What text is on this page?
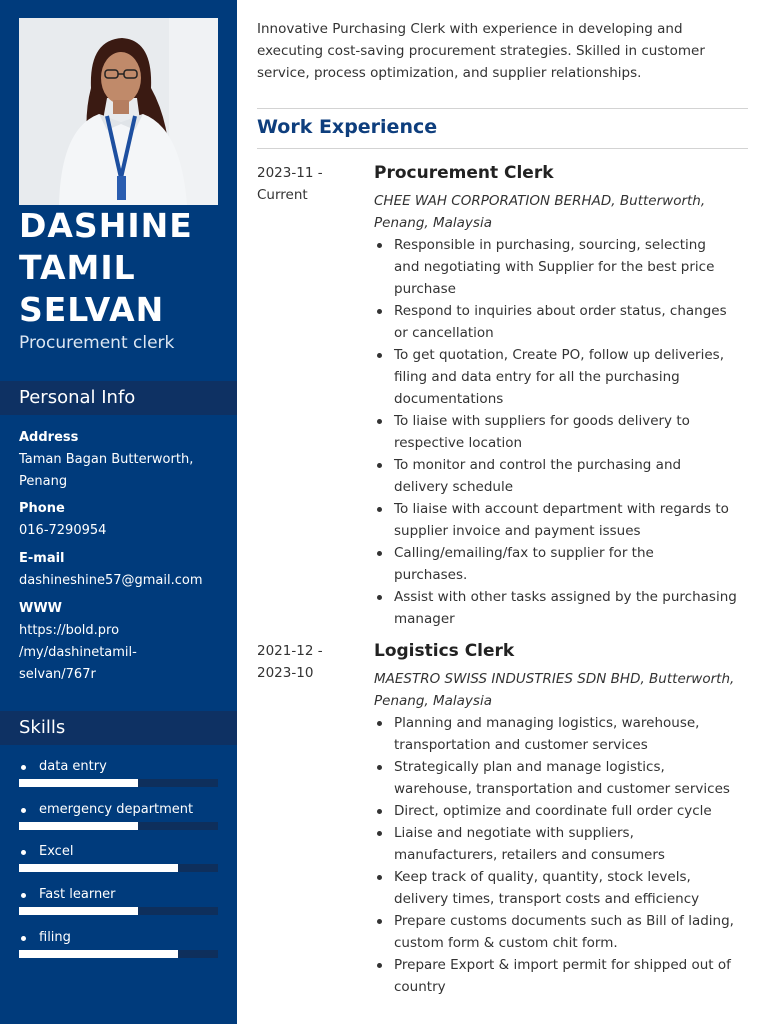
DASHINE
TAMIL
SELVAN
Procurement clerk
Personal Info
Address
Taman Bagan Butterworth,
Penang
Phone
016-7290954
E-mail
dashineshine57@gmail.com
WWW
https://bold.pro
/my/dashinetamil-
selvan/767r
Skills
data entry
emergency department
Excel
Fast learner
filing
Innovative Purchasing Clerk with experience in developing and executing cost-saving procurement strategies. Skilled in customer service, process optimization, and supplier relationships.
Work Experience
2023-11 -
Current
Procurement Clerk
CHEE WAH CORPORATION BERHAD, Butterworth,
Penang, Malaysia
Responsible in purchasing, sourcing, selecting
and negotiating with Supplier for the best price
purchase
Respond to inquiries about order status, changes
or cancellation
To get quotation, Create PO, follow up deliveries,
filing and data entry for all the purchasing
documentations
To liaise with suppliers for goods delivery to
respective location
To monitor and control the purchasing and
delivery schedule
To liaise with account department with regards to
supplier invoice and payment issues
Calling/emailing/fax to supplier for the
purchases.
Assist with other tasks assigned by the purchasing
manager
2021-12 -
2023-10
Logistics Clerk
MAESTRO SWISS INDUSTRIES SDN BHD, Butterworth,
Penang, Malaysia
Planning and managing logistics, warehouse,
transportation and customer services
Strategically plan and manage logistics,
warehouse, transportation and customer services
Direct, optimize and coordinate full order cycle
Liaise and negotiate with suppliers,
manufacturers, retailers and consumers
Keep track of quality, quantity, stock levels,
delivery times, transport costs and efficiency
Prepare customs documents such as Bill of lading,
custom form & custom chit form.
Prepare Export & import permit for shipped out of
country
